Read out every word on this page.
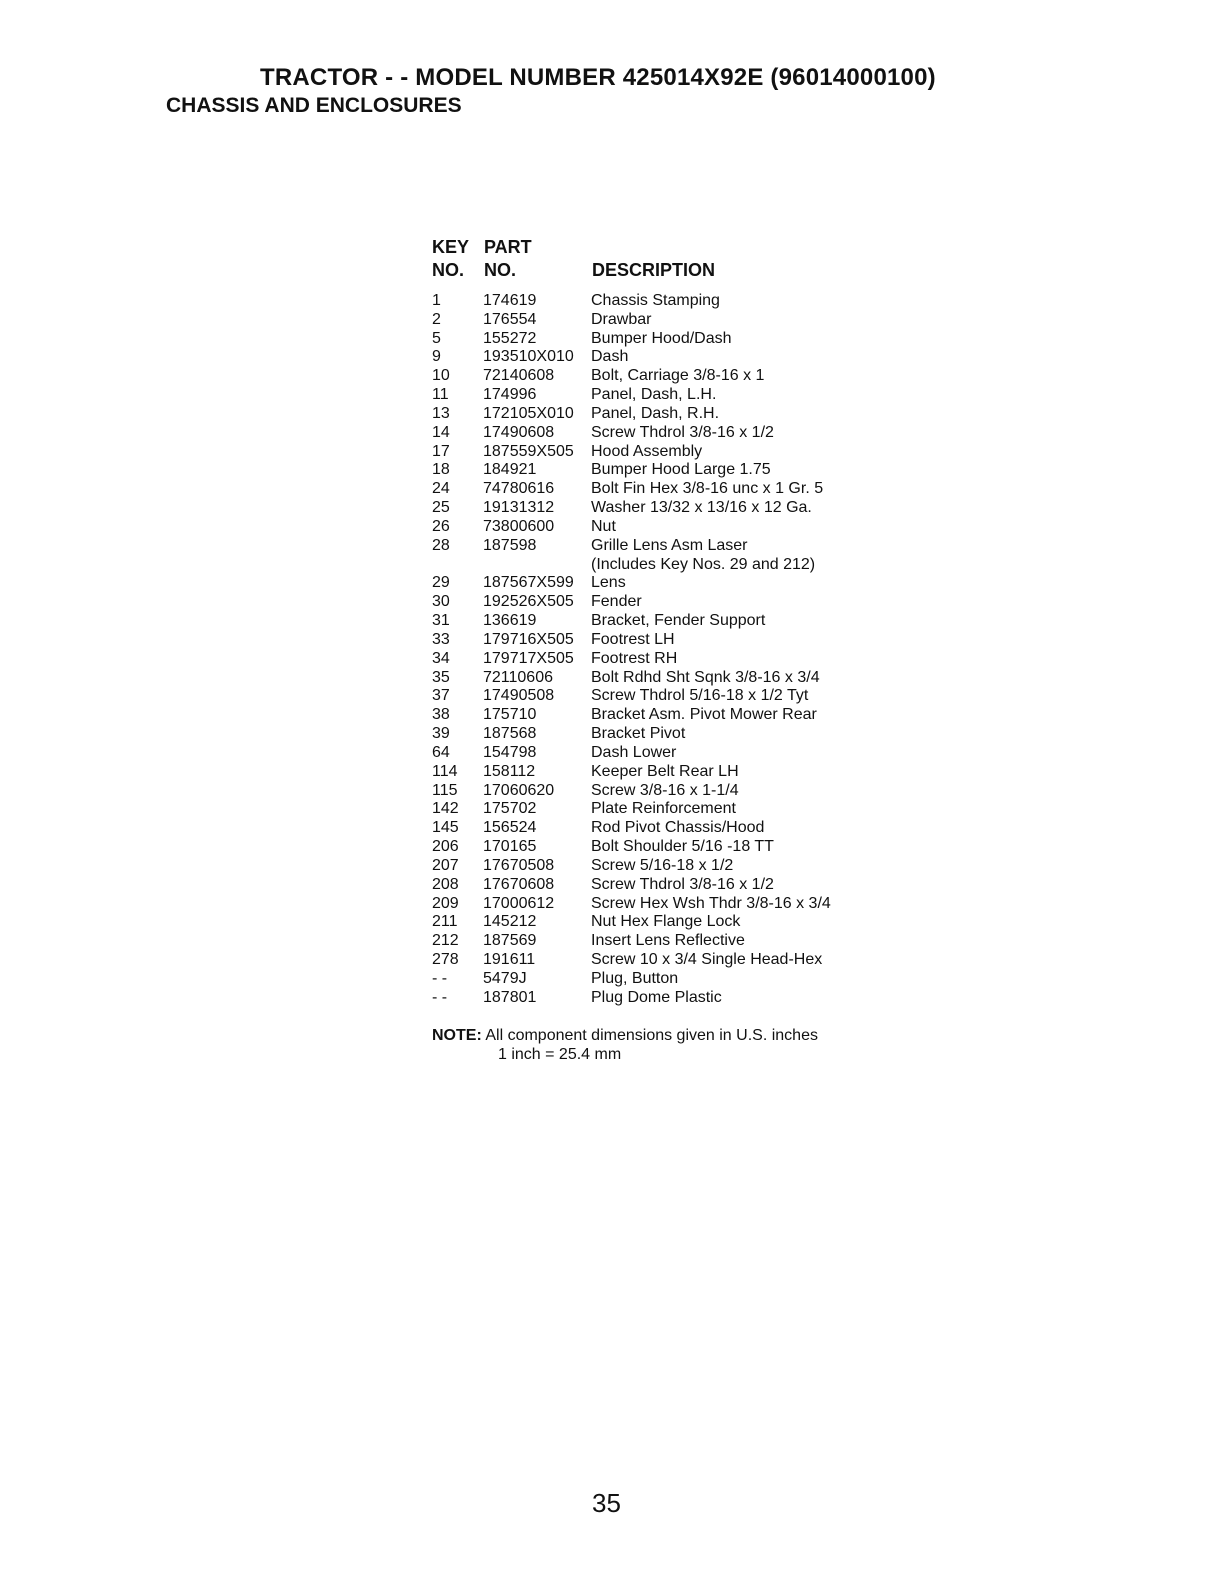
TRACTOR - - MODEL NUMBER 425014X92E (96014000100)
CHASSIS AND ENCLOSURES
KEY
NO.
PART
NO.	DESCRIPTION
1	174619	Chassis Stamping
2	176554	Drawbar
5	155272	Bumper Hood/Dash
9	193510X010 Dash
10 72140608 Bolt, Carriage 3/8-16 x 1
11 174996	Panel, Dash, L.H.
13 172105X010 Panel, Dash, R.H.
14 17490608 Screw Thdrol 3/8-16 x 1/2
17 187559X505 Hood Assembly
18 184921	Bumper Hood Large 1.75
24 74780616 Bolt Fin Hex 3/8-16 unc x 1 Gr. 5
25 19131312 Washer 13/32 x 13/16 x 12 Ga.
26 73800600 Nut
28 187598	Grille Lens Asm Laser
(Includes Key Nos. 29 and 212)
29 187567X599 Lens
30 192526X505 Fender
31 136619	Bracket, Fender Support
33 179716X505 Footrest LH
34 179717X505 Footrest RH
35 72110606 Bolt Rdhd Sht Sqnk 3/8-16 x 3/4
37 17490508 Screw Thdrol 5/16-18 x 1/2 Tyt
38 175710	Bracket Asm. Pivot Mower Rear
39 187568	Bracket Pivot
64 154798	Dash Lower
114 158112	Keeper Belt Rear LH
115 17060620 Screw 3/8-16 x 1-1/4
142 175702	Plate Reinforcement
145 156524	Rod Pivot Chassis/Hood
206 170165	Bolt Shoulder 5/16 -18 TT
207 17670508 Screw 5/16-18 x 1/2
208 17670608 Screw Thdrol 3/8-16 x 1/2
209 17000612 Screw Hex Wsh Thdr 3/8-16 x 3/4
211 145212	Nut Hex Flange Lock
212 187569	Insert Lens Reflective
278 191611	Screw 10 x 3/4 Single Head-Hex
- - 5479J	Plug, Button
- - 187801	Plug Dome Plastic
NOTE: All component dimensions given in U.S. inches
1 inch = 25.4 mm
35
